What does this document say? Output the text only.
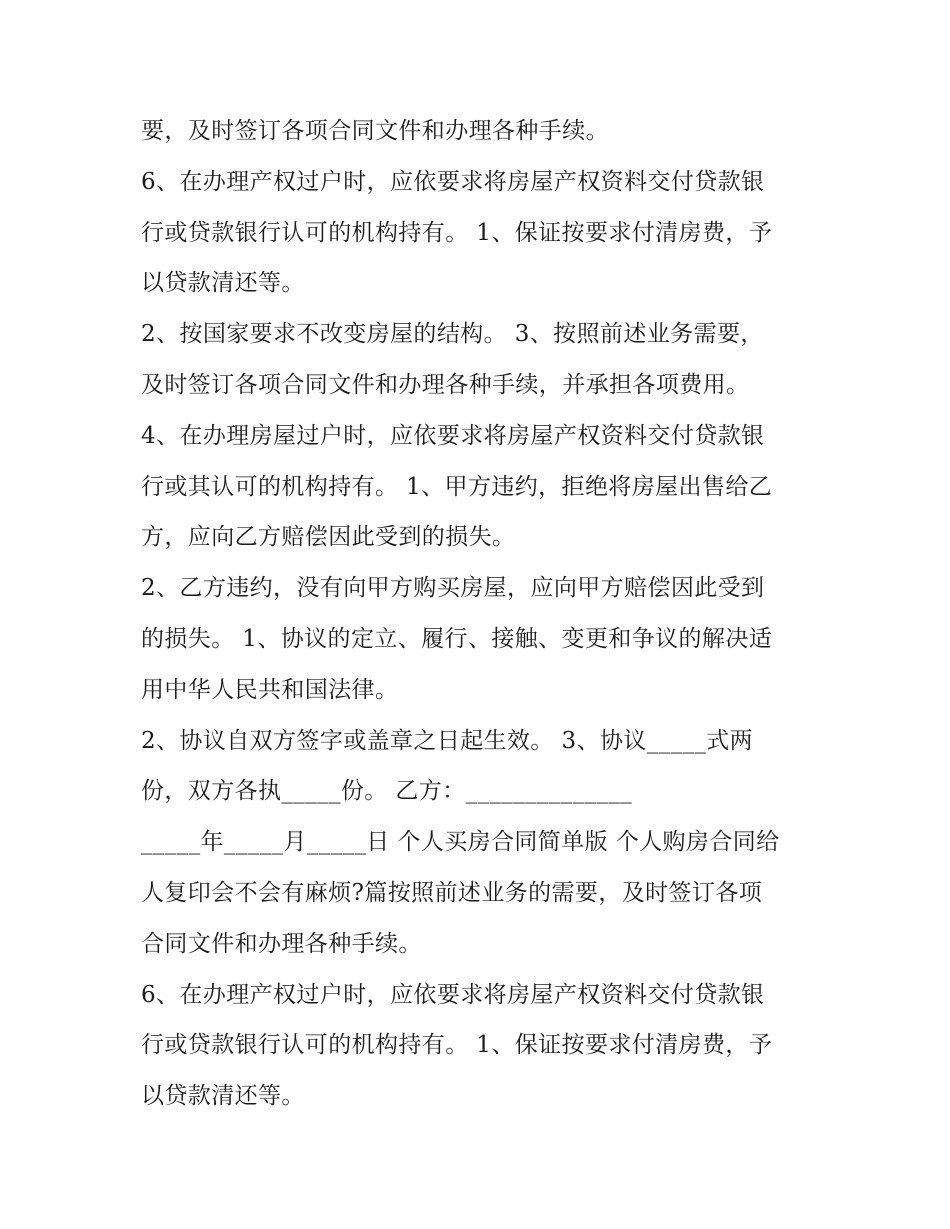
要，及时签订各项合同文件和办理各种手续。
6、在办理产权过户时，应依要求将房屋产权资料交付贷款银
行或贷款银行认可的机构持有。 1、保证按要求付清房费，予
以贷款清还等。
2、按国家要求不改变房屋的结构。 3、按照前述业务需要，
及时签订各项合同文件和办理各种手续，并承担各项费用。
4、在办理房屋过户时，应依要求将房屋产权资料交付贷款银
行或其认可的机构持有。 1、甲方违约，拒绝将房屋出售给乙
方，应向乙方赔偿因此受到的损失。
2、乙方违约，没有向甲方购买房屋，应向甲方赔偿因此受到
的损失。 1、协议的定立、履行、接触、变更和争议的解决适
用中华人民共和国法律。
2、协议自双方签字或盖章之日起生效。 3、协议_____式两
份，双方各执_____份。 乙方：______________
_____年_____月_____日 个人买房合同简单版 个人购房合同给
人复印会不会有麻烦?篇按照前述业务的需要，及时签订各项
合同文件和办理各种手续。
6、在办理产权过户时，应依要求将房屋产权资料交付贷款银
行或贷款银行认可的机构持有。 1、保证按要求付清房费，予
以贷款清还等。
